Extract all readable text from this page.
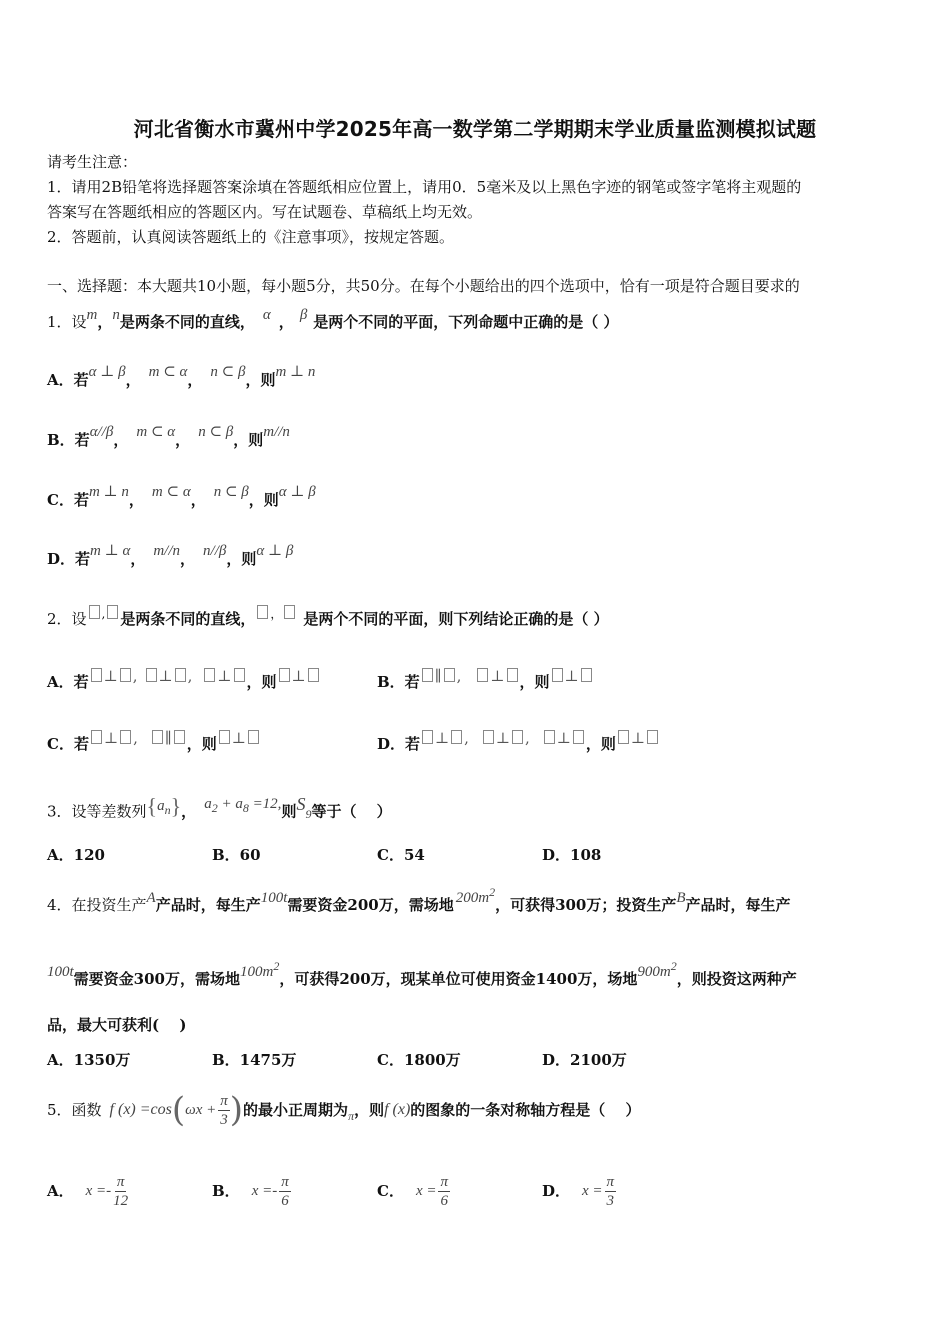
河北省衡水市冀州中学2025年高一数学第二学期期末学业质量监测模拟试题
请考生注意：
1．请用2B铅笔将选择题答案涂填在答题纸相应位置上，请用0．5毫米及以上黑色字迹的钢笔或签字笔将主观题的
答案写在答题纸相应的答题区内。写在试题卷、草稿纸上均无效。
2．答题前，认真阅读答题纸上的《注意事项》，按规定答题。
一、选择题：本大题共10小题，每小题5分，共50分。在每个小题给出的四个选项中，恰有一项是符合题目要求的
1．设m，n是两条不同的直线， α ， β 是两个不同的平面，下列命题中正确的是（ ）
A．若α ⊥ β， m ⊂ α， n ⊂ β，则m ⊥ n
B．若α//β， m ⊂ α， n ⊂ β，则m//n
C．若m ⊥ n， m ⊂ α， n ⊂ β，则α ⊥ β
D．若m ⊥ α， m//n， n//β，则α ⊥ β
2．设 , 是两条不同的直线， ， 是两个不同的平面，则下列结论正确的是（ ）
A．若 ⊥ , ⊥ , ⊥ ，则 ⊥	B．若 ∥ , ⊥ ，则 ⊥
C．若 ⊥ , ∥ ，则 ⊥	D．若 ⊥ , ⊥ , ⊥ ，则 ⊥
3．设等差数列$\{a_n\}$， $a_2 + a_8 =12$,则$S_9$等于（　 ）
A．120	B．60	C．54	D．108
4．在投资生产A产品时，每生产100t需要资金200万，需场地 $200m^2$，可获得300万；投资生产B产品时，每生产
100t需要资金300万，需场地$100m^2$，可获得200万，现某单位可使用资金1400万，场地$900m^2$，则投资这两种产
品，最大可获利(　 )
A．1350万	B．1475万	C．1800万	D．2100万
5．函数 f (x) =cos ( $\omega x + \frac{\pi}{3}$ ) 的最小正周期为 π ，则 f (x) 的图象的一条对称轴方程是（　 ）
A． $x =- \frac{\pi}{12}$	B． $x =- \frac{\pi}{6}$	C． $x = \frac{\pi}{6}$	D． $x = \frac{\pi}{3}$
